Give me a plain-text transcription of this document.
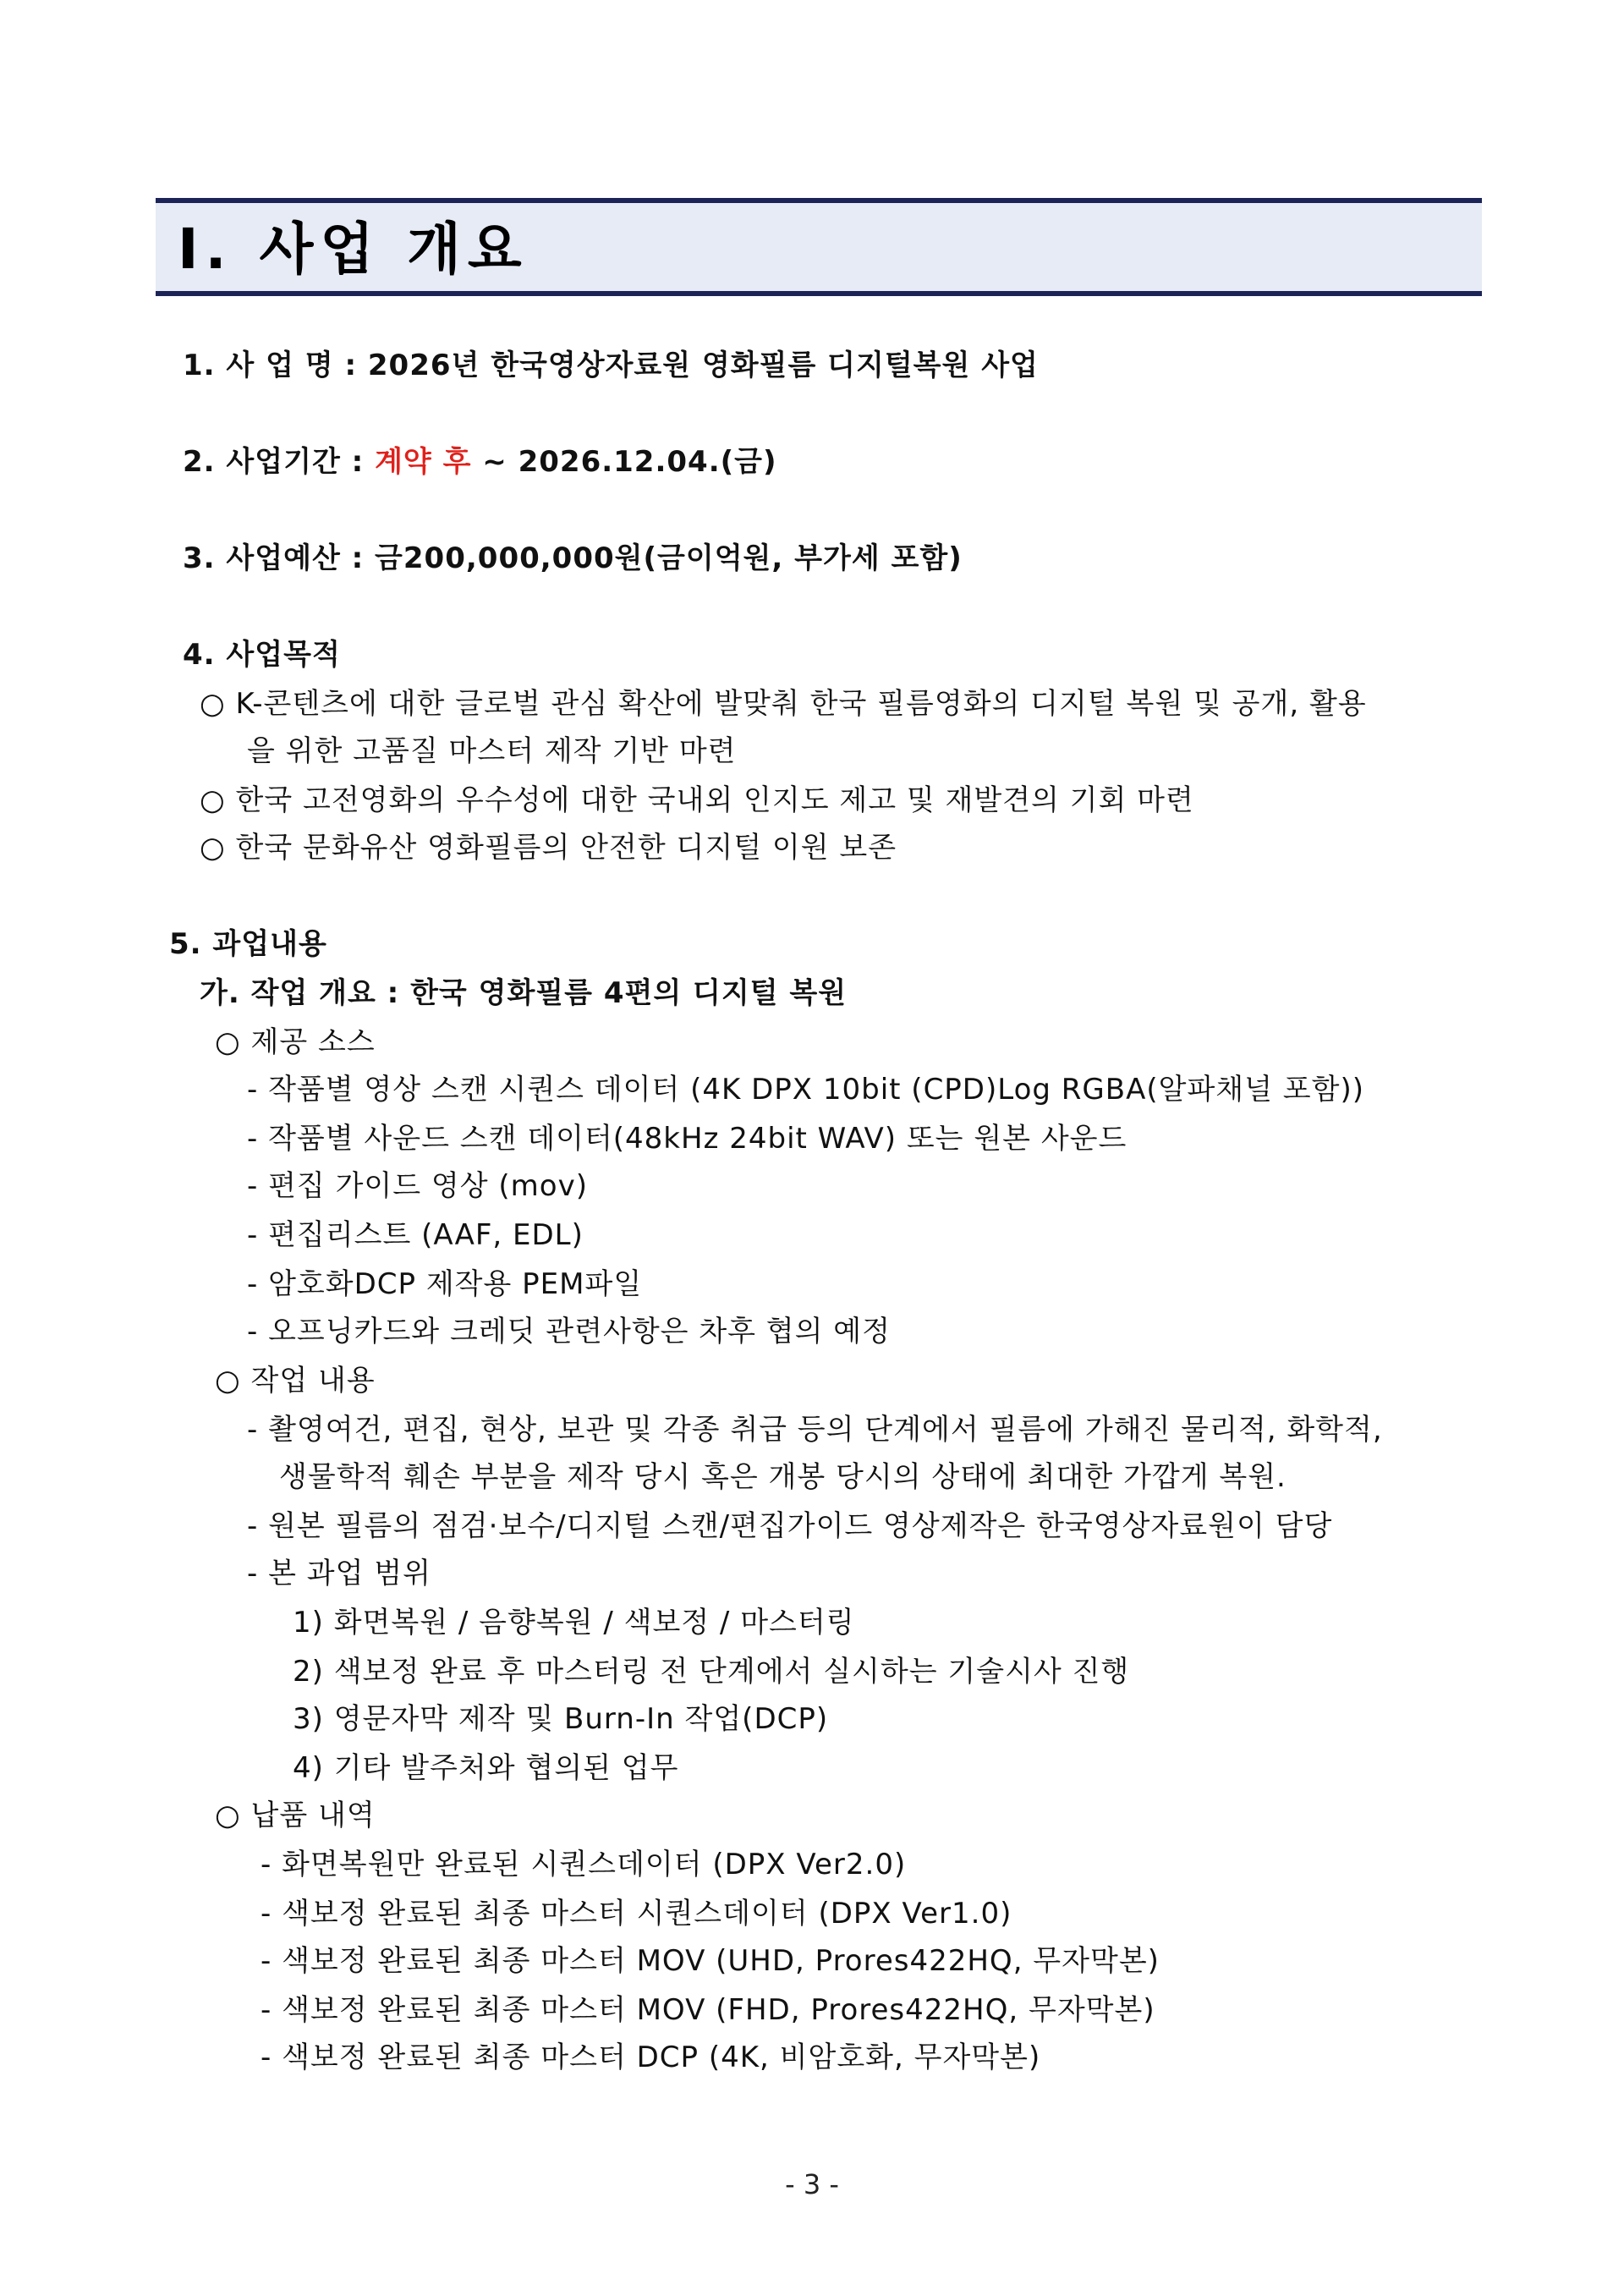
Ⅰ. 사업 개요
1. 사 업 명 : 2026년 한국영상자료원 영화필름 디지털복원 사업
2. 사업기간 : 계약 후 ~ 2026.12.04.(금)
3. 사업예산 : 금200,000,000원(금이억원, 부가세 포함)
4. 사업목적
○ K-콘텐츠에 대한 글로벌 관심 확산에 발맞춰 한국 필름영화의 디지털 복원 및 공개, 활용
을 위한 고품질 마스터 제작 기반 마련
○ 한국 고전영화의 우수성에 대한 국내외 인지도 제고 및 재발견의 기회 마련
○ 한국 문화유산 영화필름의 안전한 디지털 이원 보존
5. 과업내용
가. 작업 개요 : 한국 영화필름 4편의 디지털 복원
○ 제공 소스
- 작품별 영상 스캔 시퀀스 데이터 (4K DPX 10bit (CPD)Log RGBA(알파채널 포함))
- 작품별 사운드 스캔 데이터(48kHz 24bit WAV) 또는 원본 사운드
- 편집 가이드 영상 (mov)
- 편집리스트 (AAF, EDL)
- 암호화DCP 제작용 PEM파일
- 오프닝카드와 크레딧 관련사항은 차후 협의 예정
○ 작업 내용
- 촬영여건, 편집, 현상, 보관 및 각종 취급 등의 단계에서 필름에 가해진 물리적, 화학적,
생물학적 훼손 부분을 제작 당시 혹은 개봉 당시의 상태에 최대한 가깝게 복원.
- 원본 필름의 점검·보수/디지털 스캔/편집가이드 영상제작은 한국영상자료원이 담당
- 본 과업 범위
1) 화면복원 / 음향복원 / 색보정 / 마스터링
2) 색보정 완료 후 마스터링 전 단계에서 실시하는 기술시사 진행
3) 영문자막 제작 및 Burn-In 작업(DCP)
4) 기타 발주처와 협의된 업무
○ 납품 내역
- 화면복원만 완료된 시퀀스데이터 (DPX Ver2.0)
- 색보정 완료된 최종 마스터 시퀀스데이터 (DPX Ver1.0)
- 색보정 완료된 최종 마스터 MOV (UHD, Prores422HQ, 무자막본)
- 색보정 완료된 최종 마스터 MOV (FHD, Prores422HQ, 무자막본)
- 색보정 완료된 최종 마스터 DCP (4K, 비암호화, 무자막본)
- 3 -
